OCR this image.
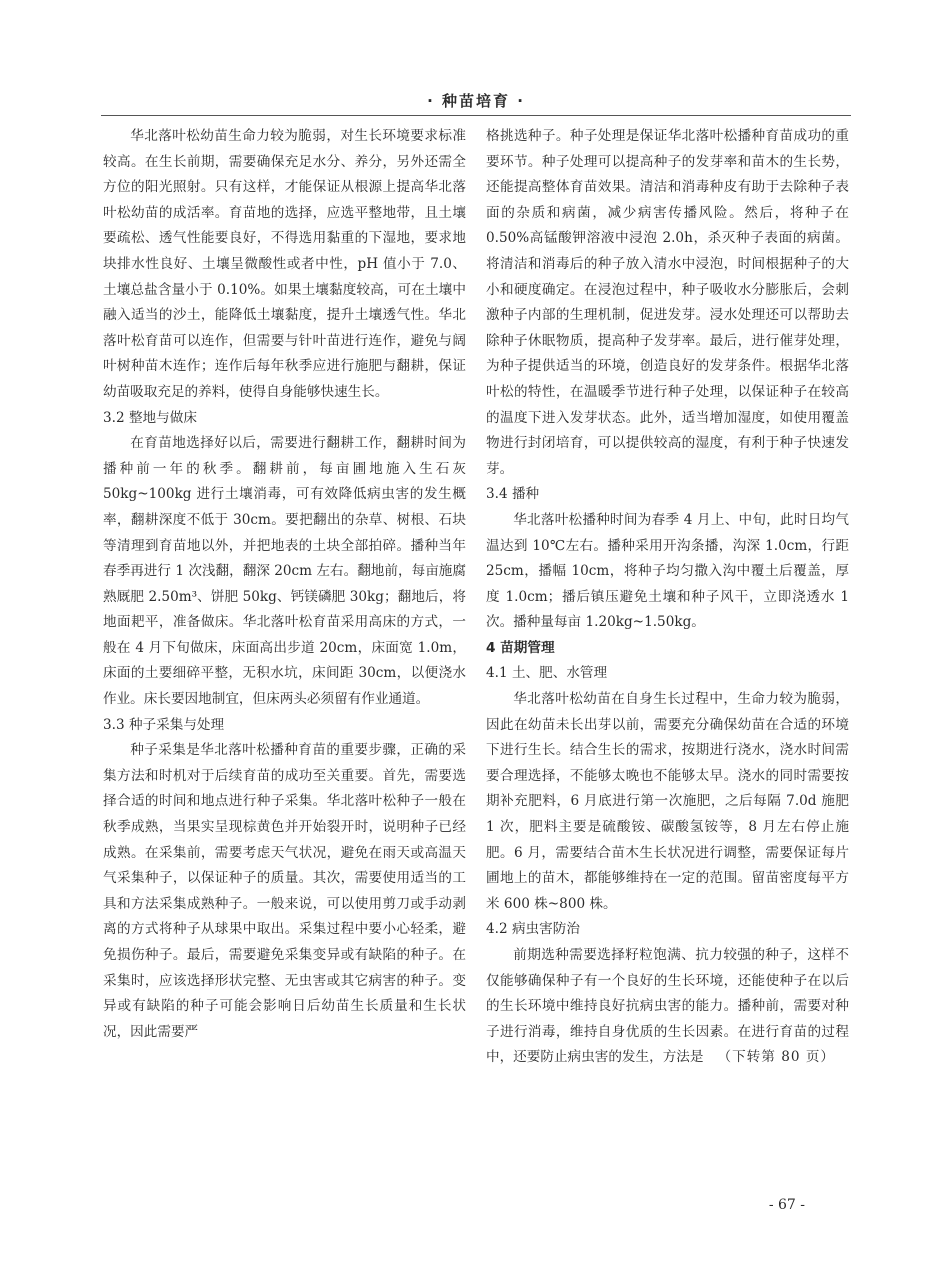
· 种苗培育 ·

华北落叶松幼苗生命力较为脆弱，对生长环境要求标准较高。在生长前期，需要确保充足水分、养分，另外还需全方位的阳光照射。只有这样，才能保证从根源上提高华北落叶松幼苗的成活率。育苗地的选择，应选平整地带，且土壤要疏松、透气性能要良好，不得选用黏重的下湿地，要求地块排水性良好、土壤呈微酸性或者中性，pH 值小于 7.0、土壤总盐含量小于 0.10%。如果土壤黏度较高，可在土壤中融入适当的沙土，能降低土壤黏度，提升土壤透气性。华北落叶松育苗可以连作，但需要与针叶苗进行连作，避免与阔叶树种苗木连作；连作后每年秋季应进行施肥与翻耕，保证幼苗吸取充足的养料，使得自身能够快速生长。

3.2 整地与做床

在育苗地选择好以后，需要进行翻耕工作，翻耕时间为播种前一年的秋季。翻耕前，每亩圃地施入生石灰 50kg~100kg 进行土壤消毒，可有效降低病虫害的发生概率，翻耕深度不低于 30cm。要把翻出的杂草、树根、石块等清理到育苗地以外，并把地表的土块全部拍碎。播种当年春季再进行 1 次浅翻，翻深 20cm 左右。翻地前，每亩施腐熟厩肥 2.50m³、饼肥 50kg、钙镁磷肥 30kg；翻地后，将地面耙平，准备做床。华北落叶松育苗采用高床的方式，一般在 4 月下旬做床，床面高出步道 20cm，床面宽 1.0m，床面的土要细碎平整，无积水坑，床间距 30cm，以便浇水作业。床长要因地制宜，但床两头必须留有作业通道。

3.3 种子采集与处理

种子采集是华北落叶松播种育苗的重要步骤，正确的采集方法和时机对于后续育苗的成功至关重要。首先，需要选择合适的时间和地点进行种子采集。华北落叶松种子一般在秋季成熟，当果实呈现棕黄色并开始裂开时，说明种子已经成熟。在采集前，需要考虑天气状况，避免在雨天或高温天气采集种子，以保证种子的质量。其次，需要使用适当的工具和方法采集成熟种子。一般来说，可以使用剪刀或手动剥离的方式将种子从球果中取出。采集过程中要小心轻柔，避免损伤种子。最后，需要避免采集变异或有缺陷的种子。在采集时，应该选择形状完整、无虫害或其它病害的种子。变异或有缺陷的种子可能会影响日后幼苗生长质量和生长状况，因此需要严

格挑选种子。种子处理是保证华北落叶松播种育苗成功的重要环节。种子处理可以提高种子的发芽率和苗木的生长势，还能提高整体育苗效果。清洁和消毒种皮有助于去除种子表面的杂质和病菌，减少病害传播风险。然后，将种子在 0.50%高锰酸钾溶液中浸泡 2.0h，杀灭种子表面的病菌。将清洁和消毒后的种子放入清水中浸泡，时间根据种子的大小和硬度确定。在浸泡过程中，种子吸收水分膨胀后，会刺激种子内部的生理机制，促进发芽。浸水处理还可以帮助去除种子休眠物质，提高种子发芽率。最后，进行催芽处理，为种子提供适当的环境，创造良好的发芽条件。根据华北落叶松的特性，在温暖季节进行种子处理，以保证种子在较高的温度下进入发芽状态。此外，适当增加湿度，如使用覆盖物进行封闭培育，可以提供较高的湿度，有利于种子快速发芽。

3.4 播种

华北落叶松播种时间为春季 4 月上、中旬，此时日均气温达到 10℃左右。播种采用开沟条播，沟深 1.0cm，行距 25cm，播幅 10cm，将种子均匀撒入沟中覆土后覆盖，厚度 1.0cm；播后镇压避免土壤和种子风干，立即浇透水 1 次。播种量每亩 1.20kg~1.50kg。

4 苗期管理
4.1 土、肥、水管理

华北落叶松幼苗在自身生长过程中，生命力较为脆弱，因此在幼苗未长出芽以前，需要充分确保幼苗在合适的环境下进行生长。结合生长的需求，按期进行浇水，浇水时间需要合理选择，不能够太晚也不能够太早。浇水的同时需要按期补充肥料，6 月底进行第一次施肥，之后每隔 7.0d 施肥 1 次，肥料主要是硫酸铵、碳酸氢铵等，8 月左右停止施肥。6 月，需要结合苗木生长状况进行调整，需要保证每片圃地上的苗木，都能够维持在一定的范围。留苗密度每平方米 600 株~800 株。

4.2 病虫害防治

前期选种需要选择籽粒饱满、抗力较强的种子，这样不仅能够确保种子有一个良好的生长环境，还能使种子在以后的生长环境中维持良好抗病虫害的能力。播种前，需要对种子进行消毒，维持自身优质的生长因素。在进行育苗的过程中，还要防止病虫害的发生，方法是 （下转第 80 页）

- 67 -
